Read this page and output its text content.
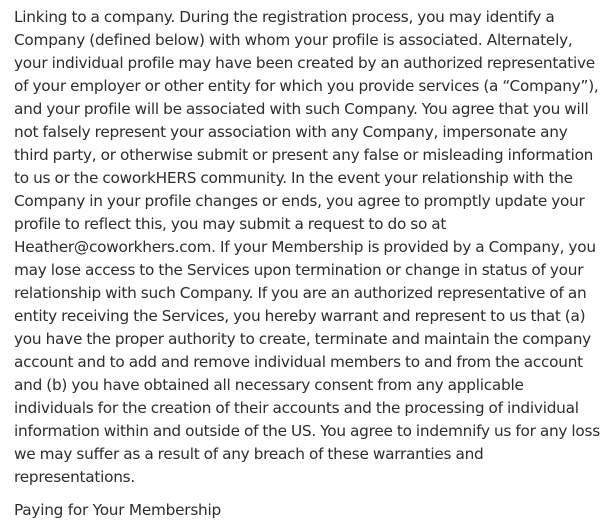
Linking to a company. During the registration process, you may identify a Company (defined below) with whom your profile is associated. Alternately, your individual profile may have been created by an authorized representative of your employer or other entity for which you provide services (a “Company”), and your profile will be associated with such Company. You agree that you will not falsely represent your association with any Company, impersonate any third party, or otherwise submit or present any false or misleading information to us or the coworkHERS community. In the event your relationship with the Company in your profile changes or ends, you agree to promptly update your profile to reflect this, you may submit a request to do so at Heather@coworkhers.com. If your Membership is provided by a Company, you may lose access to the Services upon termination or change in status of your relationship with such Company. If you are an authorized representative of an entity receiving the Services, you hereby warrant and represent to us that (a) you have the proper authority to create, terminate and maintain the company account and to add and remove individual members to and from the account and (b) you have obtained all necessary consent from any applicable individuals for the creation of their accounts and the processing of individual information within and outside of the US. You agree to indemnify us for any loss we may suffer as a result of any breach of these warranties and representations.

Paying for Your Membership
